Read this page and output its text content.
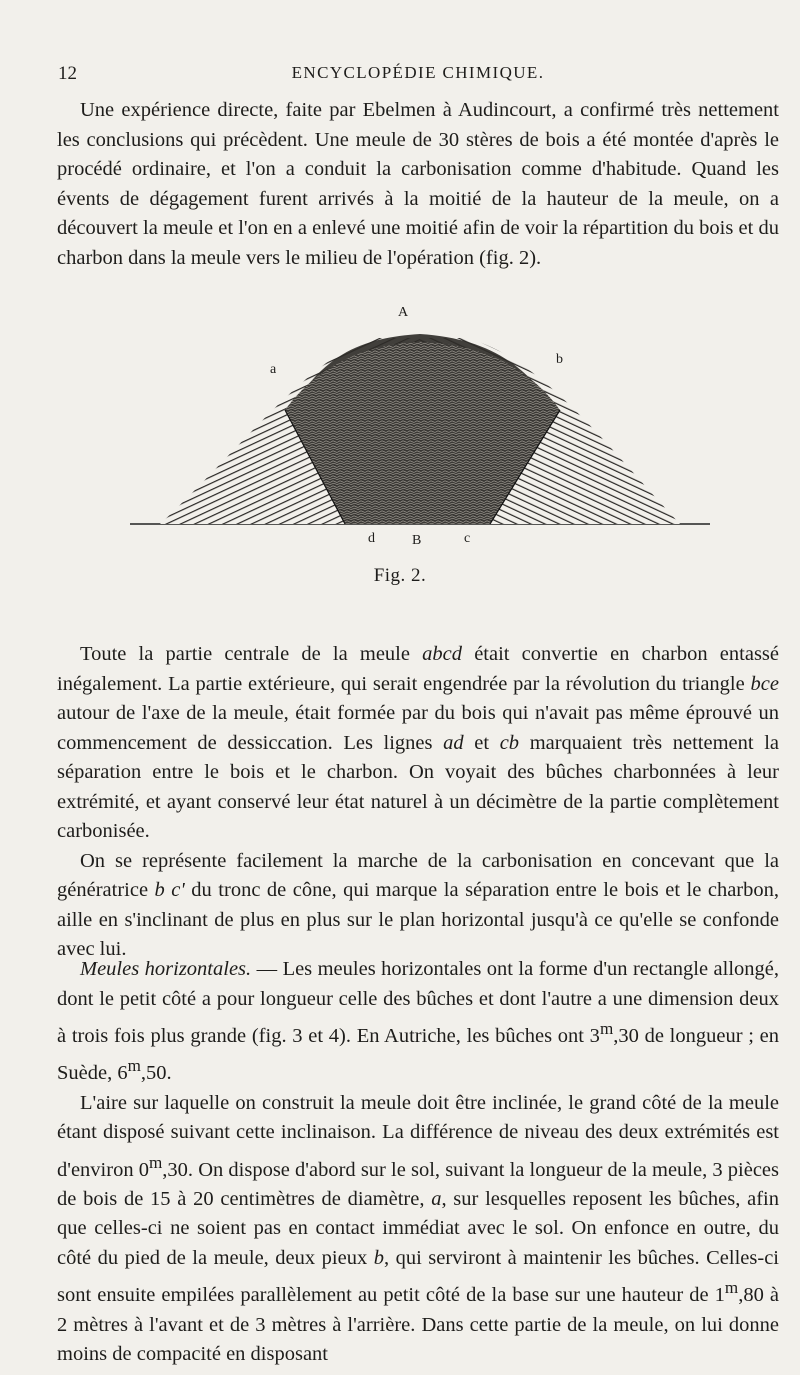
12	ENCYCLOPÉDIE CHIMIQUE.

Une expérience directe, faite par Ebelmen à Audincourt, a confirmé très nettement les conclusions qui précèdent. Une meule de 30 stères de bois a été montée d'après le procédé ordinaire, et l'on a conduit la carbonisation comme d'habitude. Quand les évents de dégagement furent arrivés à la moitié de la hauteur de la meule, on a découvert la meule et l'on en a enlevé une moitié afin de voir la répartition du bois et du charbon dans la meule vers le milieu de l'opération (fig. 2).

A
a
b
d	B	c
Fig. 2.

Toute la partie centrale de la meule abcd était convertie en charbon entassé inégalement. La partie extérieure, qui serait engendrée par la révolution du triangle bce autour de l'axe de la meule, était formée par du bois qui n'avait pas même éprouvé un commencement de dessiccation. Les lignes ad et cb marquaient très nettement la séparation entre le bois et le charbon. On voyait des bûches charbonnées à leur extrémité, et ayant conservé leur état naturel à un décimètre de la partie complètement carbonisée.

On se représente facilement la marche de la carbonisation en concevant que la génératrice b c' du tronc de cône, qui marque la séparation entre le bois et le charbon, aille en s'inclinant de plus en plus sur le plan horizontal jusqu'à ce qu'elle se confonde avec lui.

Meules horizontales. — Les meules horizontales ont la forme d'un rectangle allongé, dont le petit côté a pour longueur celle des bûches et dont l'autre a une dimension deux à trois fois plus grande (fig. 3 et 4). En Autriche, les bûches ont 3$^m$,30 de longueur ; en Suède, 6$^m$,50.

L'aire sur laquelle on construit la meule doit être inclinée, le grand côté de la meule étant disposé suivant cette inclinaison. La différence de niveau des deux extrémités est d'environ 0$^m$,30. On dispose d'abord sur le sol, suivant la longueur de la meule, 3 pièces de bois de 15 à 20 centimètres de diamètre, a, sur lesquelles reposent les bûches, afin que celles-ci ne soient pas en contact immédiat avec le sol. On enfonce en outre, du côté du pied de la meule, deux pieux b, qui serviront à maintenir les bûches. Celles-ci sont ensuite empilées parallèlement au petit côté de la base sur une hauteur de 1$^m$,80 à 2 mètres à l'avant et de 3 mètres à l'arrière. Dans cette partie de la meule, on lui donne moins de compacité en disposant
